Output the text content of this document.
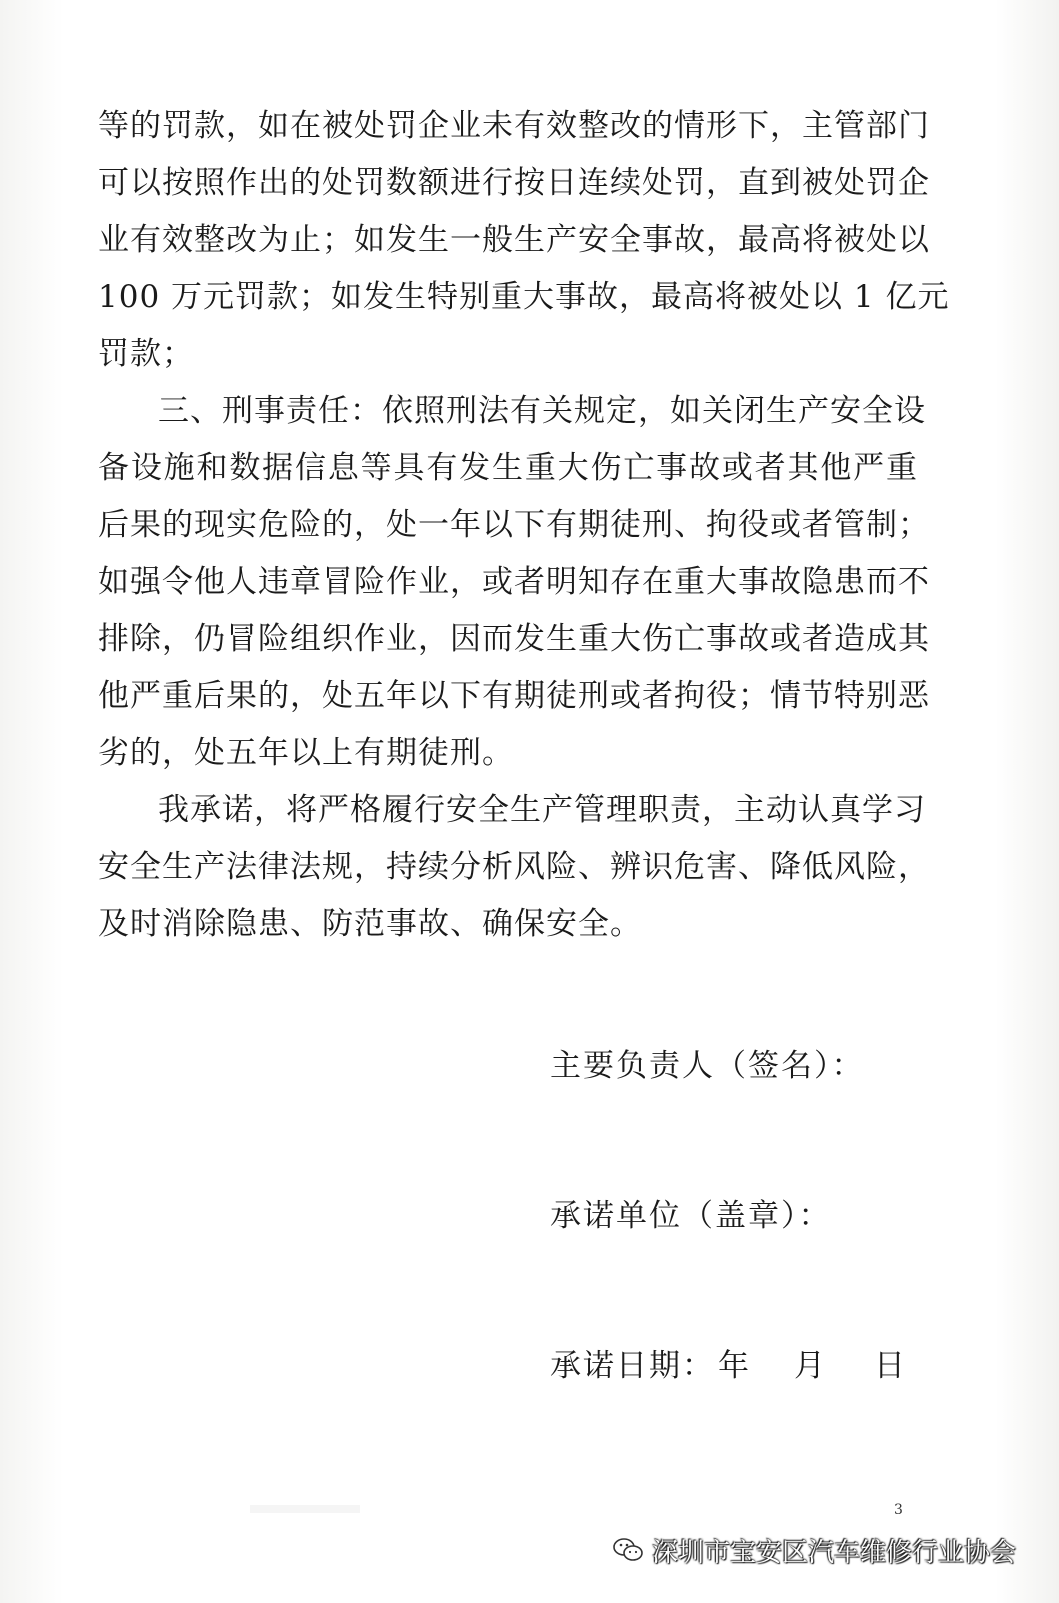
等的罚款，如在被处罚企业未有效整改的情形下，主管部门
可以按照作出的处罚数额进行按日连续处罚，直到被处罚企
业有效整改为止；如发生一般生产安全事故，最高将被处以
100 万元罚款；如发生特别重大事故，最高将被处以 1 亿元
罚款；
三、刑事责任：依照刑法有关规定，如关闭生产安全设
备设施和数据信息等具有发生重大伤亡事故或者其他严重
后果的现实危险的，处一年以下有期徒刑、拘役或者管制；
如强令他人违章冒险作业，或者明知存在重大事故隐患而不
排除，仍冒险组织作业，因而发生重大伤亡事故或者造成其
他严重后果的，处五年以下有期徒刑或者拘役；情节特别恶
劣的，处五年以上有期徒刑。
我承诺，将严格履行安全生产管理职责，主动认真学习
安全生产法律法规，持续分析风险、辨识危害、降低风险，
及时消除隐患、防范事故、确保安全。
主要负责人（签名）：
承诺单位（盖章）：
承诺日期： 年 月 日
3
深圳市宝安区汽车维修行业协会
